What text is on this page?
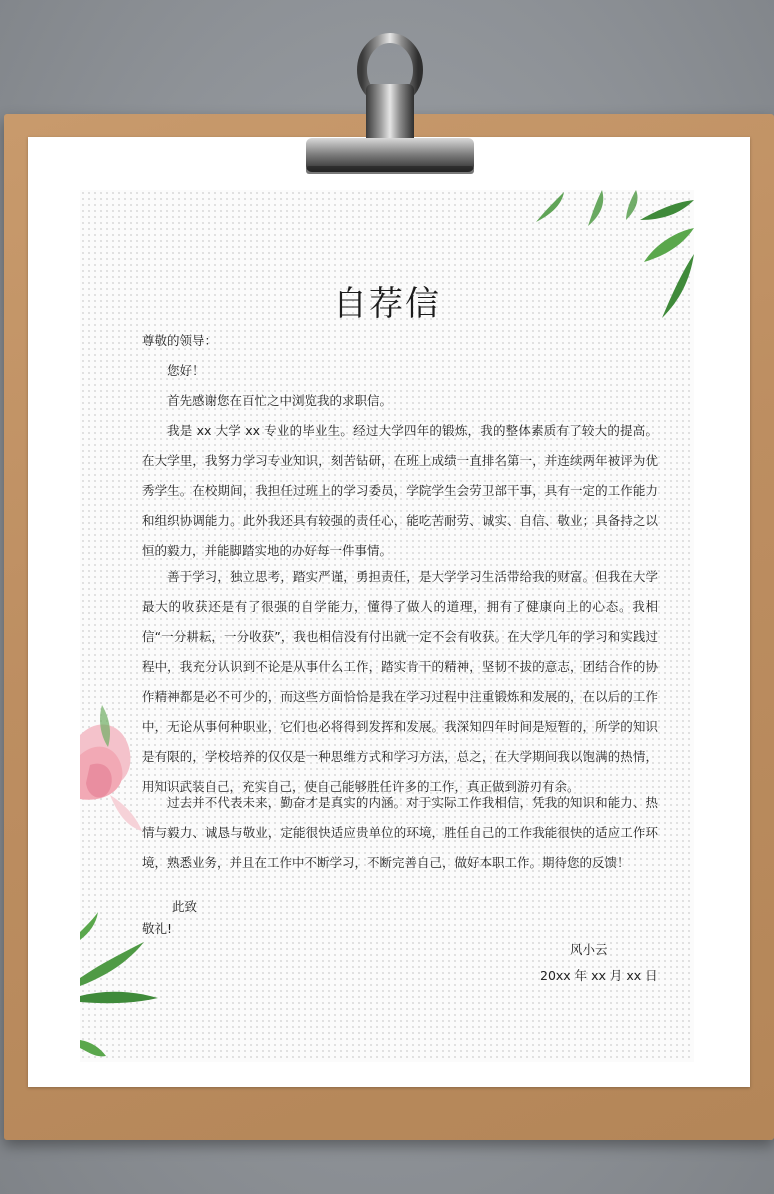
自荐信
尊敬的领导：
您好！
首先感谢您在百忙之中浏览我的求职信。
我是 xx 大学 xx 专业的毕业生。经过大学四年的锻炼，我的整体素质有了较大的提高。在大学里，我努力学习专业知识，刻苦钻研，在班上成绩一直排名第一，并连续两年被评为优秀学生。在校期间，我担任过班上的学习委员，学院学生会劳卫部干事，具有一定的工作能力和组织协调能力。此外我还具有较强的责任心，能吃苦耐劳、诚实、自信、敬业；具备持之以恒的毅力，并能脚踏实地的办好每一件事情。
善于学习，独立思考，踏实严谨，勇担责任，是大学学习生活带给我的财富。但我在大学最大的收获还是有了很强的自学能力，懂得了做人的道理，拥有了健康向上的心态。我相信“一分耕耘，一分收获”，我也相信没有付出就一定不会有收获。在大学几年的学习和实践过程中，我充分认识到不论是从事什么工作，踏实肯干的精神，坚韧不拔的意志，团结合作的协作精神都是必不可少的，而这些方面恰恰是我在学习过程中注重锻炼和发展的，在以后的工作中，无论从事何种职业，它们也必将得到发挥和发展。我深知四年时间是短暂的，所学的知识是有限的，学校培养的仅仅是一种思维方式和学习方法，总之，在大学期间我以饱满的热情，用知识武装自己，充实自己，使自己能够胜任许多的工作，真正做到游刃有余。
过去并不代表未来，勤奋才是真实的内涵。对于实际工作我相信，凭我的知识和能力、热情与毅力、诚恳与敬业，定能很快适应贵单位的环境，胜任自己的工作我能很快的适应工作环境，熟悉业务，并且在工作中不断学习，不断完善自己，做好本职工作。期待您的反馈！
此致
敬礼!
风小云
20xx 年 xx 月 xx 日
